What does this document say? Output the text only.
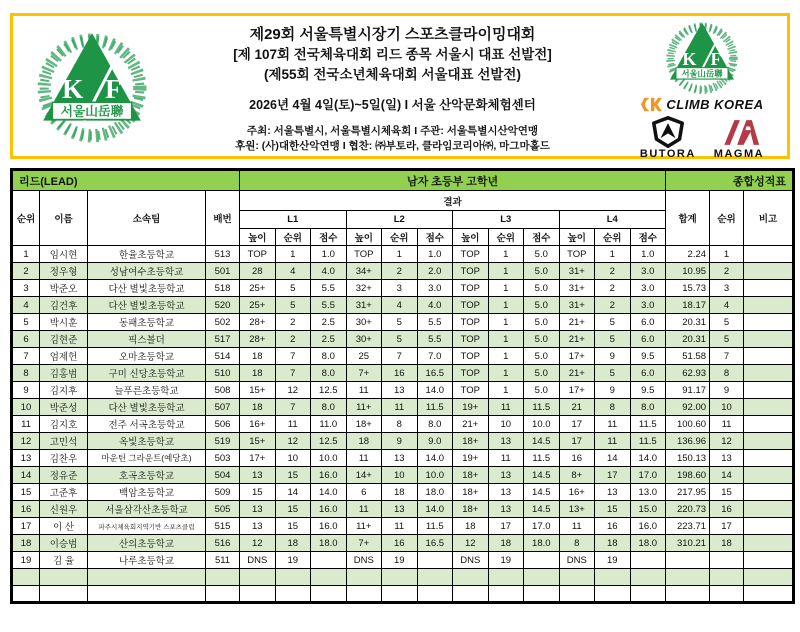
제29회 서울특별시장기 스포츠클라이밍대회
[제 107회 전국체육대회 리드 종목 서울시 대표 선발전]
(제55회 전국소년체육대회 서울대표 선발전)
2026년 4월 4일(토)~5일(일) I 서울 산악문화체험센터
주최: 서울특별시, 서울특별시체육회 I 주관: 서울특별시산악연맹
후원: (사)대한산악연맹 I 협찬: ㈜부토라, 클라임코리아㈜, 마그마홀드
CLIMB KOREA
BUTORA MAGMA
리드(LEAD)				남자 초등부 고학년												종합성적표		
순위	이름	소속팀	배번	결과												합계	순위	비고
				L1			L2			L3			L4					
				높이	순위	점수	높이	순위	점수	높이	순위	점수	높이	순위	점수			
1	임시현	한율초등학교	513	TOP	1	1.0	TOP	1	1.0	TOP	1	5.0	TOP	1	1.0	2.24	1	
2	정우형	성남여수초등학교	501	28	4	4.0	34+	2	2.0	TOP	1	5.0	31+	2	3.0	10.95	2	
3	박준오	다산 별빛초등학교	518	25+	5	5.5	32+	3	3.0	TOP	1	5.0	31+	2	3.0	15.73	3	
4	김건후	다산 별빛초등학교	520	25+	5	5.5	31+	4	4.0	TOP	1	5.0	31+	2	3.0	18.17	4	
5	박시훈	동패초등학교	502	28+	2	2.5	30+	5	5.5	TOP	1	5.0	21+	5	6.0	20.31	5	
6	김현준	픽스볼더	517	28+	2	2.5	30+	5	5.5	TOP	1	5.0	21+	5	6.0	20.31	5	
7	엄제헌	오마초등학교	514	18	7	8.0	25	7	7.0	TOP	1	5.0	17+	9	9.5	51.58	7	
8	김홍범	구미 신당초등학교	510	18	7	8.0	7+	16	16.5	TOP	1	5.0	21+	5	6.0	62.93	8	
9	김지후	늘푸른초등학교	508	15+	12	12.5	11	13	14.0	TOP	1	5.0	17+	9	9.5	91.17	9	
10	박준성	다산 별빛초등학교	507	18	7	8.0	11+	11	11.5	19+	11	11.5	21	8	8.0	92.00	10	
11	김지호	전주 서곡초등학교	506	16+	11	11.0	18+	8	8.0	21+	10	10.0	17	11	11.5	100.60	11	
12	고민석	옥빛초등학교	519	15+	12	12.5	18	9	9.0	18+	13	14.5	17	11	11.5	136.96	12	
13	김찬우	마운틴 그라운트(예당초)	503	17+	10	10.0	11	13	14.0	19+	11	11.5	16	14	14.0	150.13	13	
14	정유준	호곡초등학교	504	13	15	16.0	14+	10	10.0	18+	13	14.5	8+	17	17.0	198.60	14	
15	고준후	백암초등학교	509	15	14	14.0	6	18	18.0	18+	13	14.5	16+	13	13.0	217.95	15	
16	신원우	서울삼각산초등학교	505	13	15	16.0	11	13	14.0	18+	13	14.5	13+	15	15.0	220.73	16	
17	이 산	파주시체육회지역기반 스포츠클럽	515	13	15	16.0	11+	11	11.5	18	17	17.0	11	16	16.0	223.71	17	
18	이승범	산의초등학교	516	12	18	18.0	7+	16	16.5	12	18	18.0	8	18	18.0	310.21	18	
19	김 율	나루초등학교	511	DNS	19		DNS	19		DNS	19		DNS	19				
